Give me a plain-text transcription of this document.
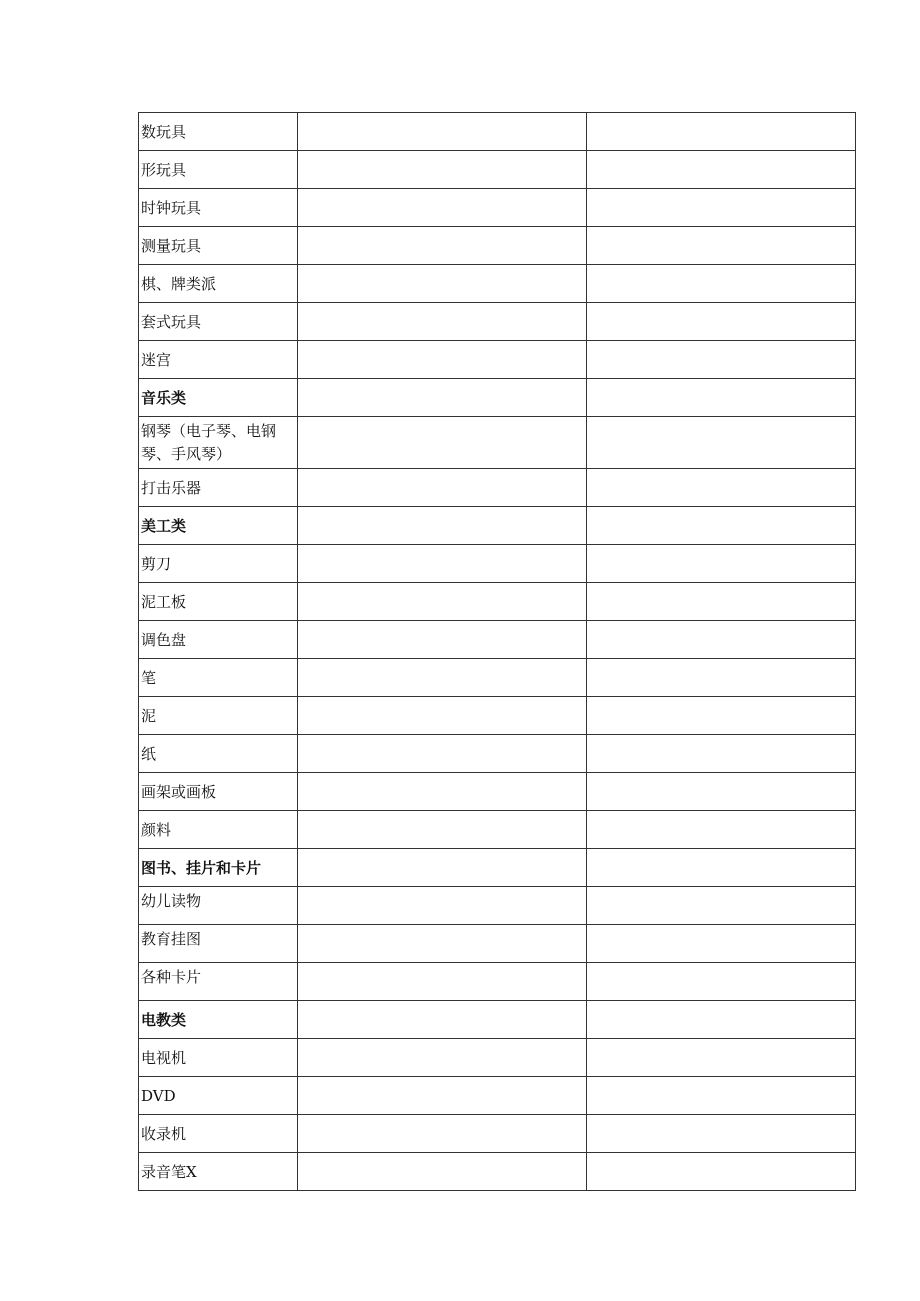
数玩具		
形玩具		
时钟玩具		
测量玩具		
棋、牌类派		
套式玩具		
迷宫		
音乐类		
钢琴（电子琴、电钢琴、手风琴）		
打击乐器		
美工类		
剪刀		
泥工板		
调色盘		
笔		
泥		
纸		
画架或画板		
颜料		
图书、挂片和卡片		
幼儿读物		
教育挂图		
各种卡片		
电教类		
电视机		
DVD		
收录机		
录音笔X		
